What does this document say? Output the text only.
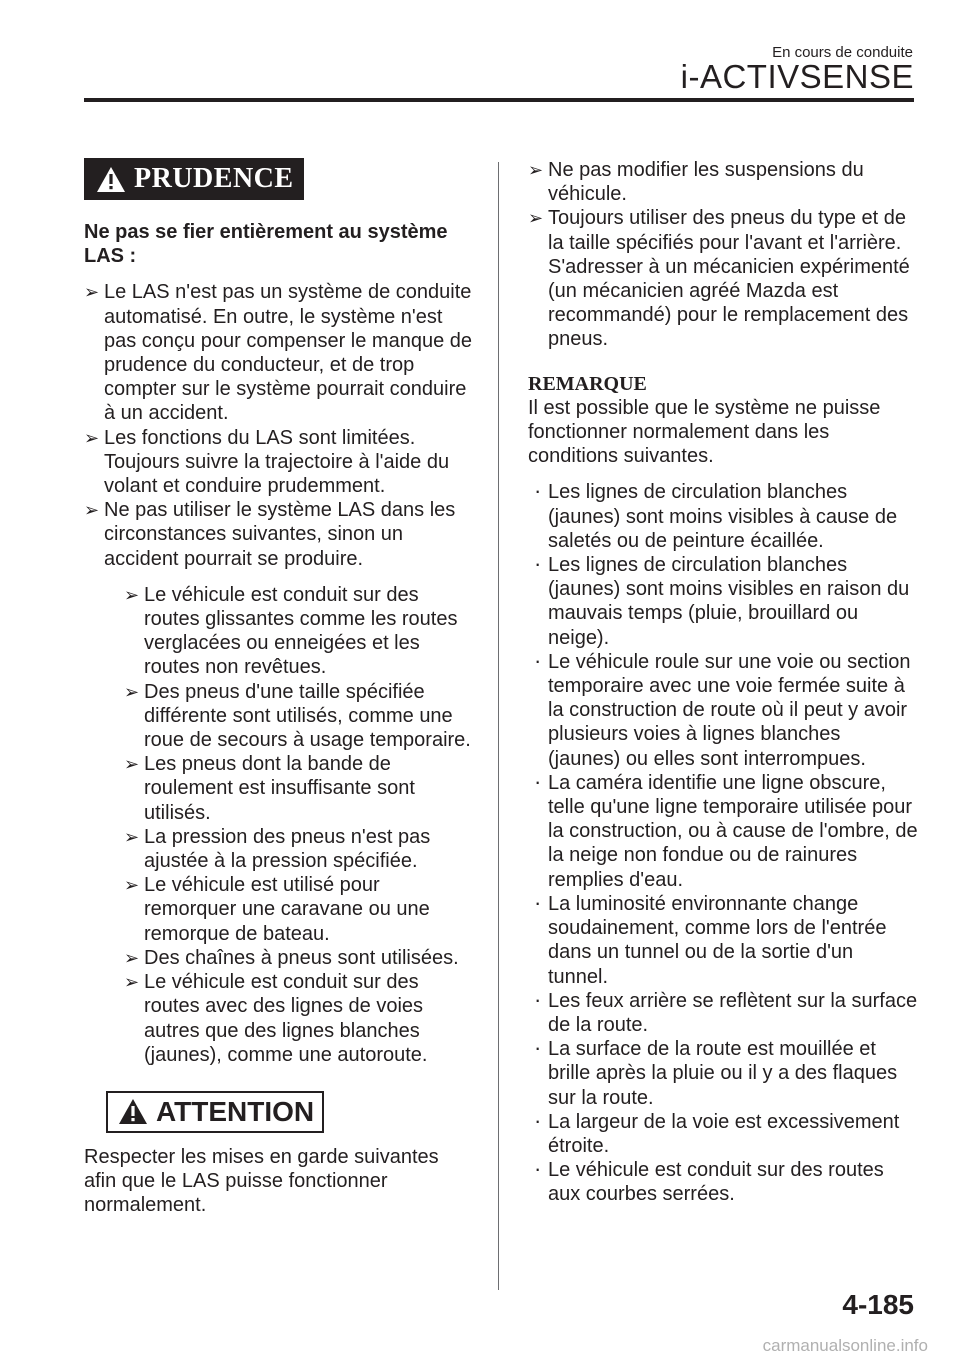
En cours de conduite
i-ACTIVSENSE
PRUDENCE
Ne pas se fier entièrement au système LAS :
➢ Le LAS n'est pas un système de conduite automatisé. En outre, le système n'est pas conçu pour compenser le manque de prudence du conducteur, et de trop compter sur le système pourrait conduire à un accident.
➢ Les fonctions du LAS sont limitées. Toujours suivre la trajectoire à l'aide du volant et conduire prudemment.
➢ Ne pas utiliser le système LAS dans les circonstances suivantes, sinon un accident pourrait se produire.
➢ Le véhicule est conduit sur des routes glissantes comme les routes verglacées ou enneigées et les routes non revêtues.
➢ Des pneus d'une taille spécifiée différente sont utilisés, comme une roue de secours à usage temporaire.
➢ Les pneus dont la bande de roulement est insuffisante sont utilisés.
➢ La pression des pneus n'est pas ajustée à la pression spécifiée.
➢ Le véhicule est utilisé pour remorquer une caravane ou une remorque de bateau.
➢ Des chaînes à pneus sont utilisées.
➢ Le véhicule est conduit sur des routes avec des lignes de voies autres que des lignes blanches (jaunes), comme une autoroute.
ATTENTION
Respecter les mises en garde suivantes afin que le LAS puisse fonctionner normalement.
➢ Ne pas modifier les suspensions du véhicule.
➢ Toujours utiliser des pneus du type et de la taille spécifiés pour l'avant et l'arrière. S'adresser à un mécanicien expérimenté (un mécanicien agréé Mazda est recommandé) pour le remplacement des pneus.
REMARQUE
Il est possible que le système ne puisse fonctionner normalement dans les conditions suivantes.
· Les lignes de circulation blanches (jaunes) sont moins visibles à cause de saletés ou de peinture écaillée.
· Les lignes de circulation blanches (jaunes) sont moins visibles en raison du mauvais temps (pluie, brouillard ou neige).
· Le véhicule roule sur une voie ou section temporaire avec une voie fermée suite à la construction de route où il peut y avoir plusieurs voies à lignes blanches (jaunes) ou elles sont interrompues.
· La caméra identifie une ligne obscure, telle qu'une ligne temporaire utilisée pour la construction, ou à cause de l'ombre, de la neige non fondue ou de rainures remplies d'eau.
· La luminosité environnante change soudainement, comme lors de l'entrée dans un tunnel ou de la sortie d'un tunnel.
· Les feux arrière se reflètent sur la surface de la route.
· La surface de la route est mouillée et brille après la pluie ou il y a des flaques sur la route.
· La largeur de la voie est excessivement étroite.
· Le véhicule est conduit sur des routes aux courbes serrées.
4-185
carmanualsonline.info
